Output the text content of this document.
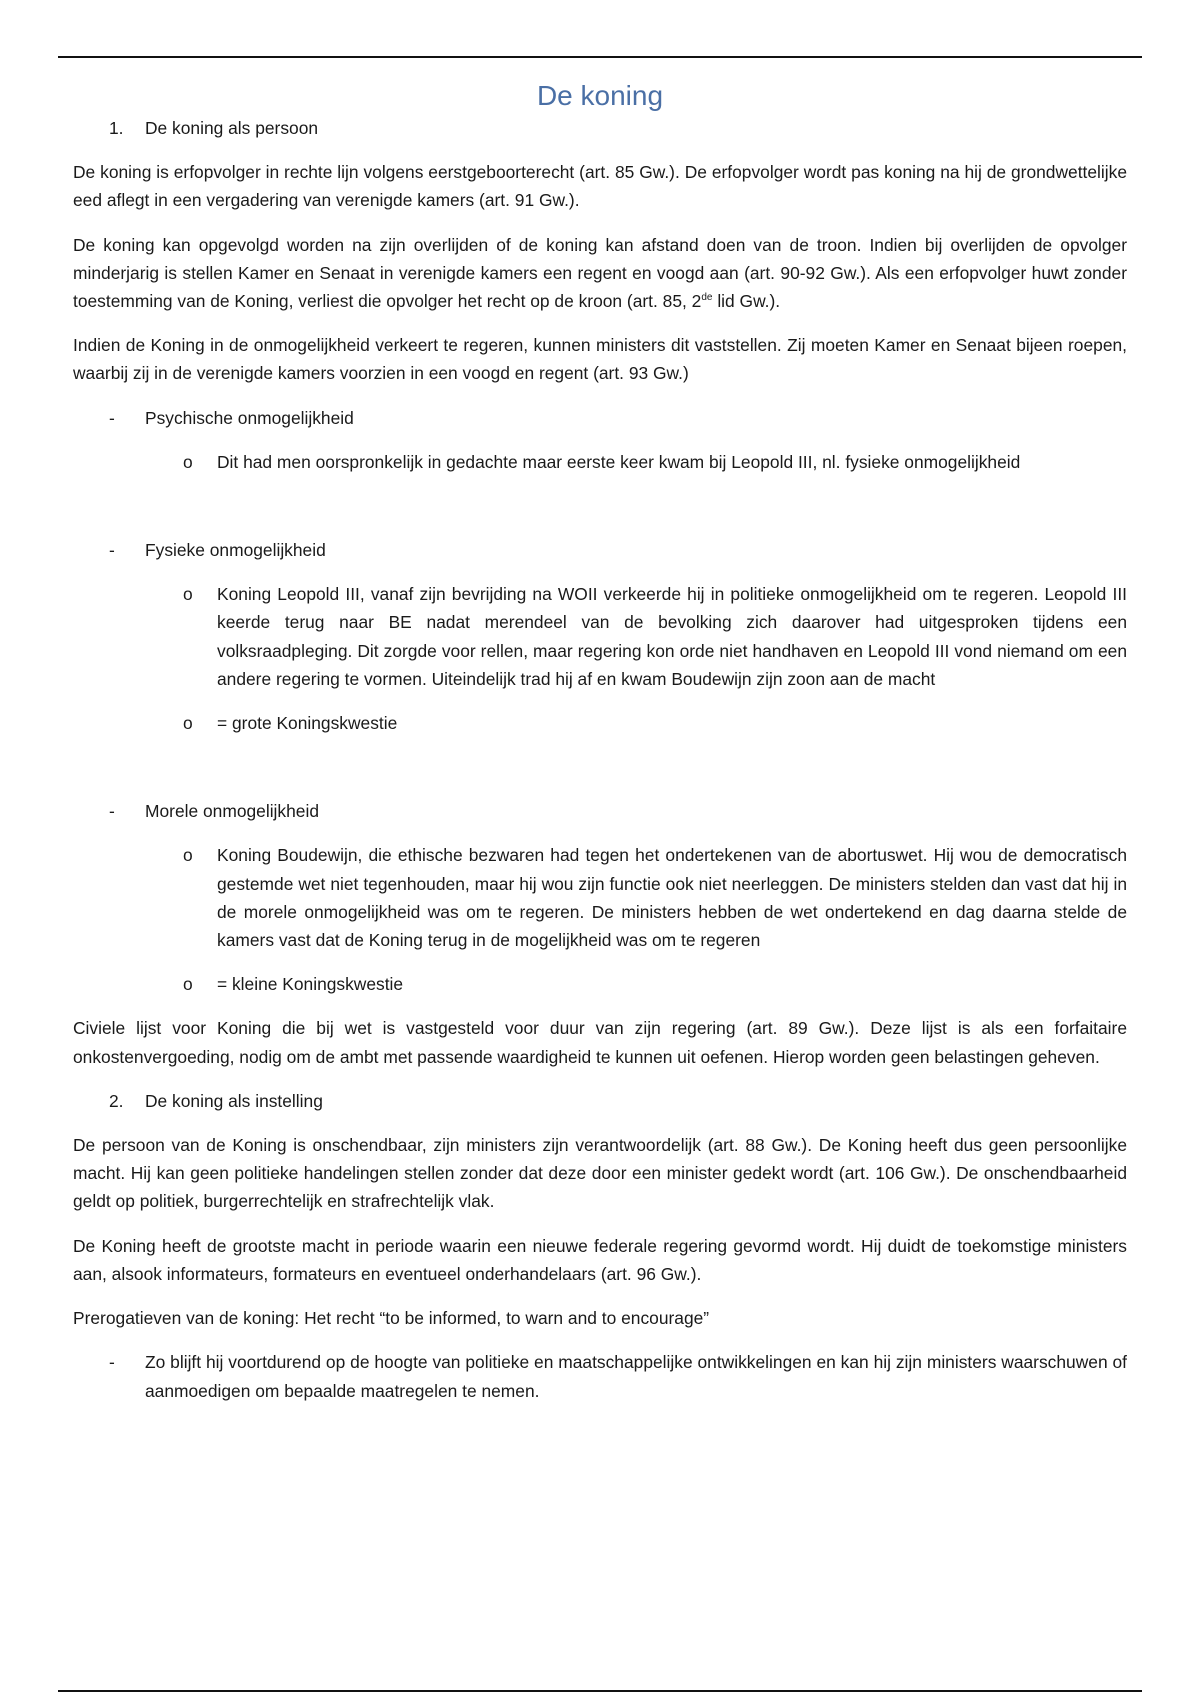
De koning
1. De koning als persoon

De koning is erfopvolger in rechte lijn volgens eerstgeboorterecht (art. 85 Gw.). De erfopvolger wordt pas koning na hij de grondwettelijke eed aflegt in een vergadering van verenigde kamers (art. 91 Gw.).

De koning kan opgevolgd worden na zijn overlijden of de koning kan afstand doen van de troon. Indien bij overlijden de opvolger minderjarig is stellen Kamer en Senaat in verenigde kamers een regent en voogd aan (art. 90-92 Gw.). Als een erfopvolger huwt zonder toestemming van de Koning, verliest die opvolger het recht op de kroon (art. 85, 2de lid Gw.).

Indien de Koning in de onmogelijkheid verkeert te regeren, kunnen ministers dit vaststellen. Zij moeten Kamer en Senaat bijeen roepen, waarbij zij in de verenigde kamers voorzien in een voogd en regent (art. 93 Gw.)

- Psychische onmogelijkheid
o Dit had men oorspronkelijk in gedachte maar eerste keer kwam bij Leopold III, nl. fysieke onmogelijkheid
- Fysieke onmogelijkheid
o Koning Leopold III, vanaf zijn bevrijding na WOII verkeerde hij in politieke onmogelijkheid om te regeren. Leopold III keerde terug naar BE nadat merendeel van de bevolking zich daarover had uitgesproken tijdens een volksraadpleging. Dit zorgde voor rellen, maar regering kon orde niet handhaven en Leopold III vond niemand om een andere regering te vormen. Uiteindelijk trad hij af en kwam Boudewijn zijn zoon aan de macht
o = grote Koningskwestie
- Morele onmogelijkheid
o Koning Boudewijn, die ethische bezwaren had tegen het ondertekenen van de abortuswet. Hij wou de democratisch gestemde wet niet tegenhouden, maar hij wou zijn functie ook niet neerleggen. De ministers stelden dan vast dat hij in de morele onmogelijkheid was om te regeren. De ministers hebben de wet ondertekend en dag daarna stelde de kamers vast dat de Koning terug in de mogelijkheid was om te regeren
o = kleine Koningskwestie

Civiele lijst voor Koning die bij wet is vastgesteld voor duur van zijn regering (art. 89 Gw.). Deze lijst is als een forfaitaire onkostenvergoeding, nodig om de ambt met passende waardigheid te kunnen uit oefenen. Hierop worden geen belastingen geheven.

2. De koning als instelling

De persoon van de Koning is onschendbaar, zijn ministers zijn verantwoordelijk (art. 88 Gw.). De Koning heeft dus geen persoonlijke macht. Hij kan geen politieke handelingen stellen zonder dat deze door een minister gedekt wordt (art. 106 Gw.). De onschendbaarheid geldt op politiek, burgerrechtelijk en strafrechtelijk vlak.

De Koning heeft de grootste macht in periode waarin een nieuwe federale regering gevormd wordt. Hij duidt de toekomstige ministers aan, alsook informateurs, formateurs en eventueel onderhandelaars (art. 96 Gw.).

Prerogatieven van de koning: Het recht “to be informed, to warn and to encourage”

- Zo blijft hij voortdurend op de hoogte van politieke en maatschappelijke ontwikkelingen en kan hij zijn ministers waarschuwen of aanmoedigen om bepaalde maatregelen te nemen.
